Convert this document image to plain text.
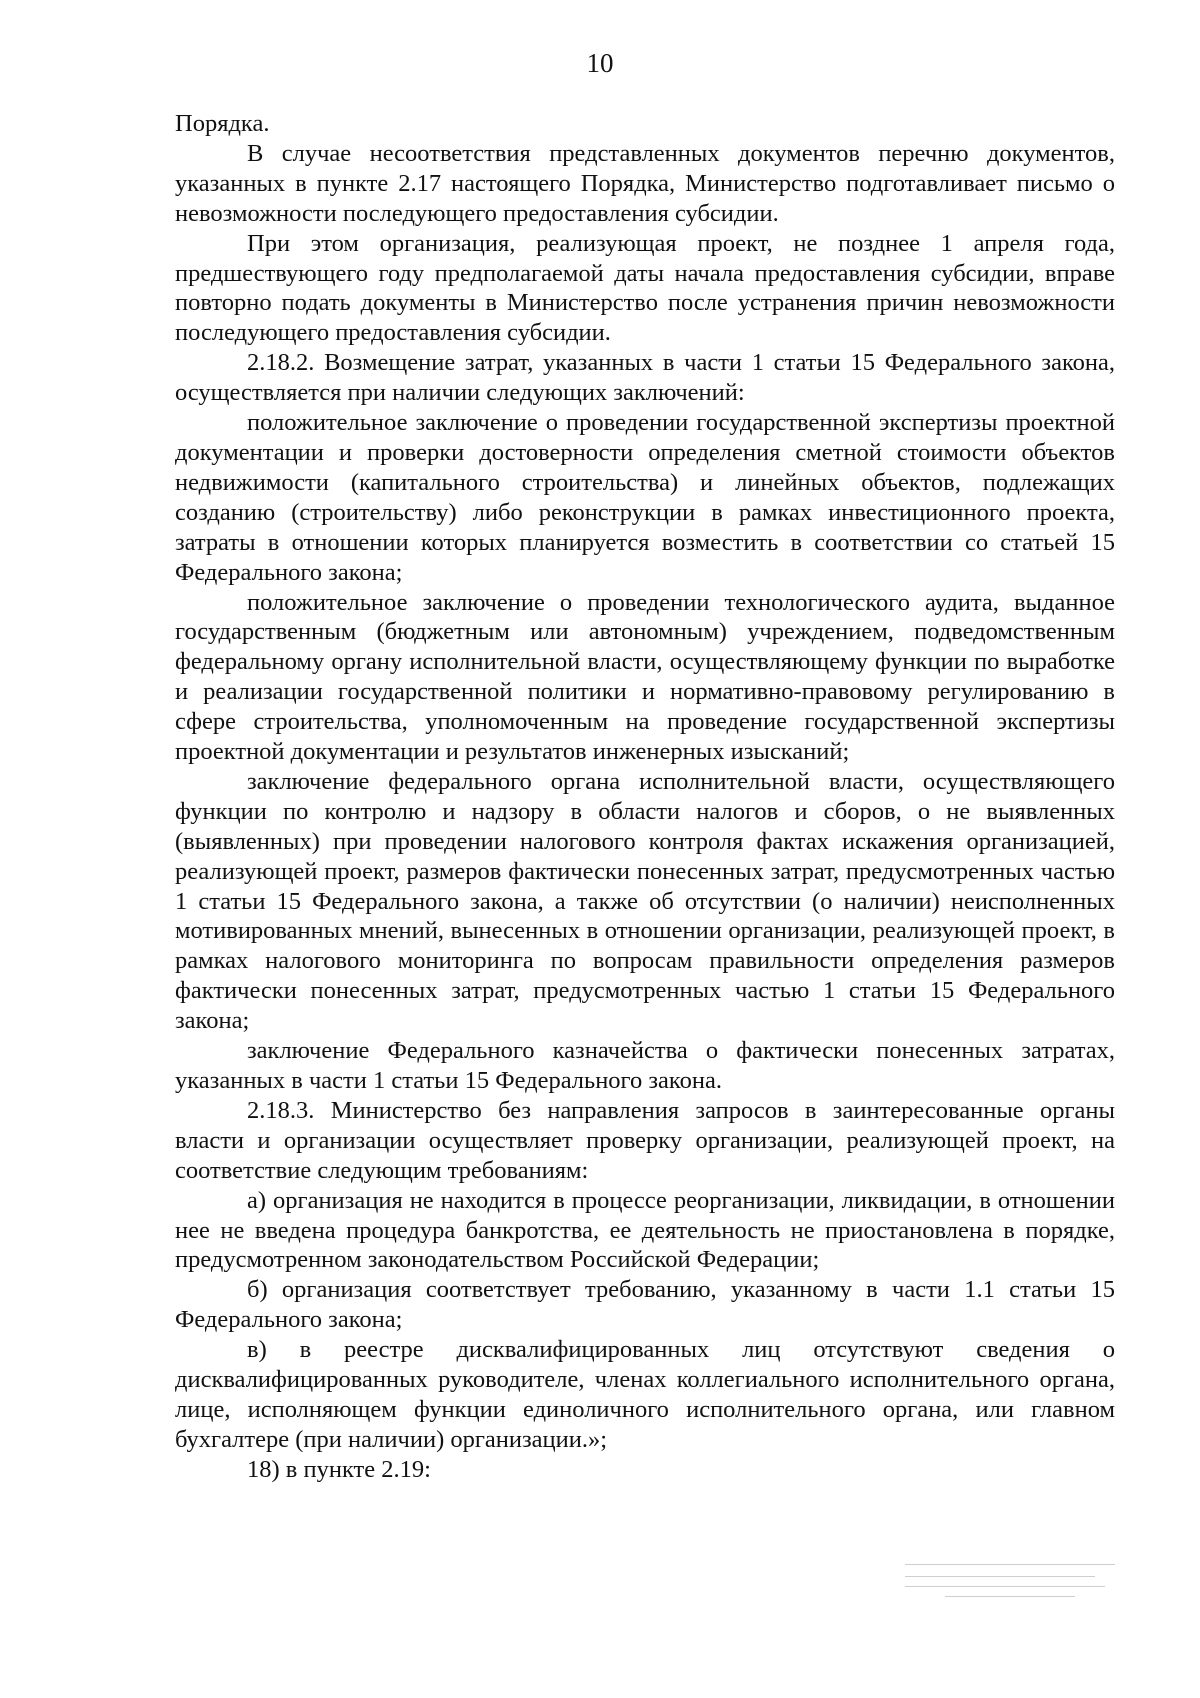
10

Порядка.

В случае несоответствия представленных документов перечню документов, указанных в пункте 2.17 настоящего Порядка, Министерство подготавливает письмо о невозможности последующего предоставления субсидии.

При этом организация, реализующая проект, не позднее 1 апреля года, предшествующего году предполагаемой даты начала предоставления субсидии, вправе повторно подать документы в Министерство после устранения причин невозможности последующего предоставления субсидии.

2.18.2. Возмещение затрат, указанных в части 1 статьи 15 Федерального закона, осуществляется при наличии следующих заключений:

положительное заключение о проведении государственной экспертизы проектной документации и проверки достоверности определения сметной стоимости объектов недвижимости (капитального строительства) и линейных объектов, подлежащих созданию (строительству) либо реконструкции в рамках инвестиционного проекта, затраты в отношении которых планируется возместить в соответствии со статьей 15 Федерального закона;

положительное заключение о проведении технологического аудита, выданное государственным (бюджетным или автономным) учреждением, подведомственным федеральному органу исполнительной власти, осуществляющему функции по выработке и реализации государственной политики и нормативно-правовому регулированию в сфере строительства, уполномоченным на проведение государственной экспертизы проектной документации и результатов инженерных изысканий;

заключение федерального органа исполнительной власти, осуществляющего функции по контролю и надзору в области налогов и сборов, о не выявленных (выявленных) при проведении налогового контроля фактах искажения организацией, реализующей проект, размеров фактически понесенных затрат, предусмотренных частью 1 статьи 15 Федерального закона, а также об отсутствии (о наличии) неисполненных мотивированных мнений, вынесенных в отношении организации, реализующей проект, в рамках налогового мониторинга по вопросам правильности определения размеров фактически понесенных затрат, предусмотренных частью 1 статьи 15 Федерального закона;

заключение Федерального казначейства о фактически понесенных затратах, указанных в части 1 статьи 15 Федерального закона.

2.18.3. Министерство без направления запросов в заинтересованные органы власти и организации осуществляет проверку организации, реализующей проект, на соответствие следующим требованиям:

а) организация не находится в процессе реорганизации, ликвидации, в отношении нее не введена процедура банкротства, ее деятельность не приостановлена в порядке, предусмотренном законодательством Российской Федерации;

б) организация соответствует требованию, указанному в части 1.1 статьи 15 Федерального закона;

в) в реестре дисквалифицированных лиц отсутствуют сведения о дисквалифицированных руководителе, членах коллегиального исполнительного органа, лице, исполняющем функции единоличного исполнительного органа, или главном бухгалтере (при наличии) организации.»;

18) в пункте 2.19:
